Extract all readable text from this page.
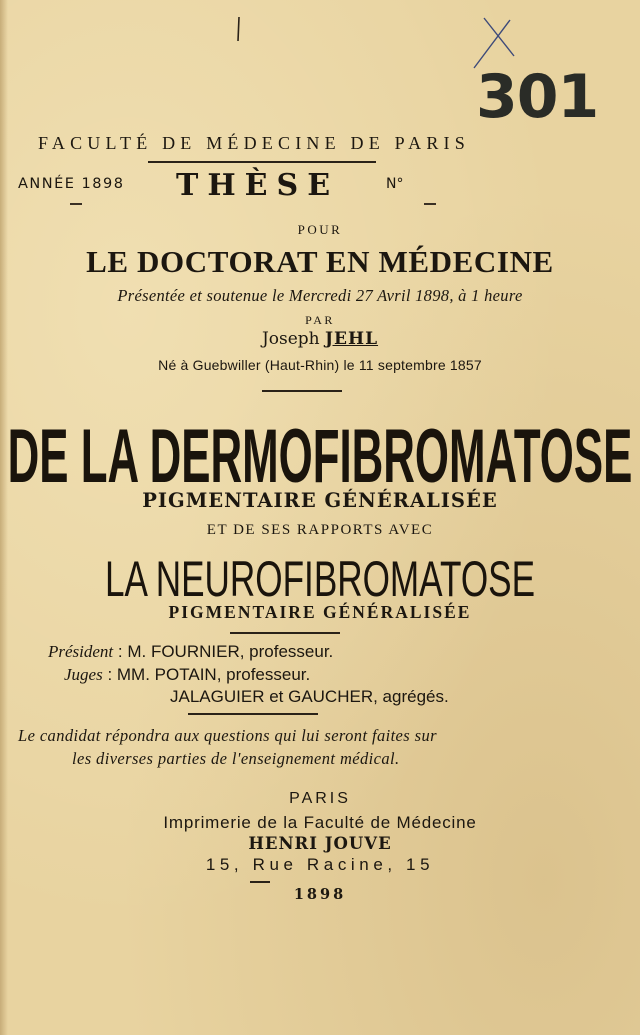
301
FACULTÉ DE MÉDECINE DE PARIS
ANNÉE 1898 THÈSE	N°
POUR
LE DOCTORAT EN MÉDECINE
Présentée et soutenue le Mercredi 27 Avril 1898, à 1 heure
PAR
Joseph JEHL
Né à Guebwiller (Haut-Rhin) le 11 septembre 1857
DE LA DERMOFIBROMATOSE
PIGMENTAIRE GÉNÉRALISÉE
ET DE SES RAPPORTS AVEC
LA NEUROFIBROMATOSE
PIGMENTAIRE GÉNÉRALISÉE
Président : M. FOURNIER, professeur.
Juges : MM. POTAIN, professeur.
JALAGUIER et GAUCHER, agrégés.
Le candidat répondra aux questions qui lui seront faites sur
les diverses parties de l'enseignement médical.
PARIS
Imprimerie de la Faculté de Médecine
HENRI JOUVE
15, Rue Racine, 15
1898
